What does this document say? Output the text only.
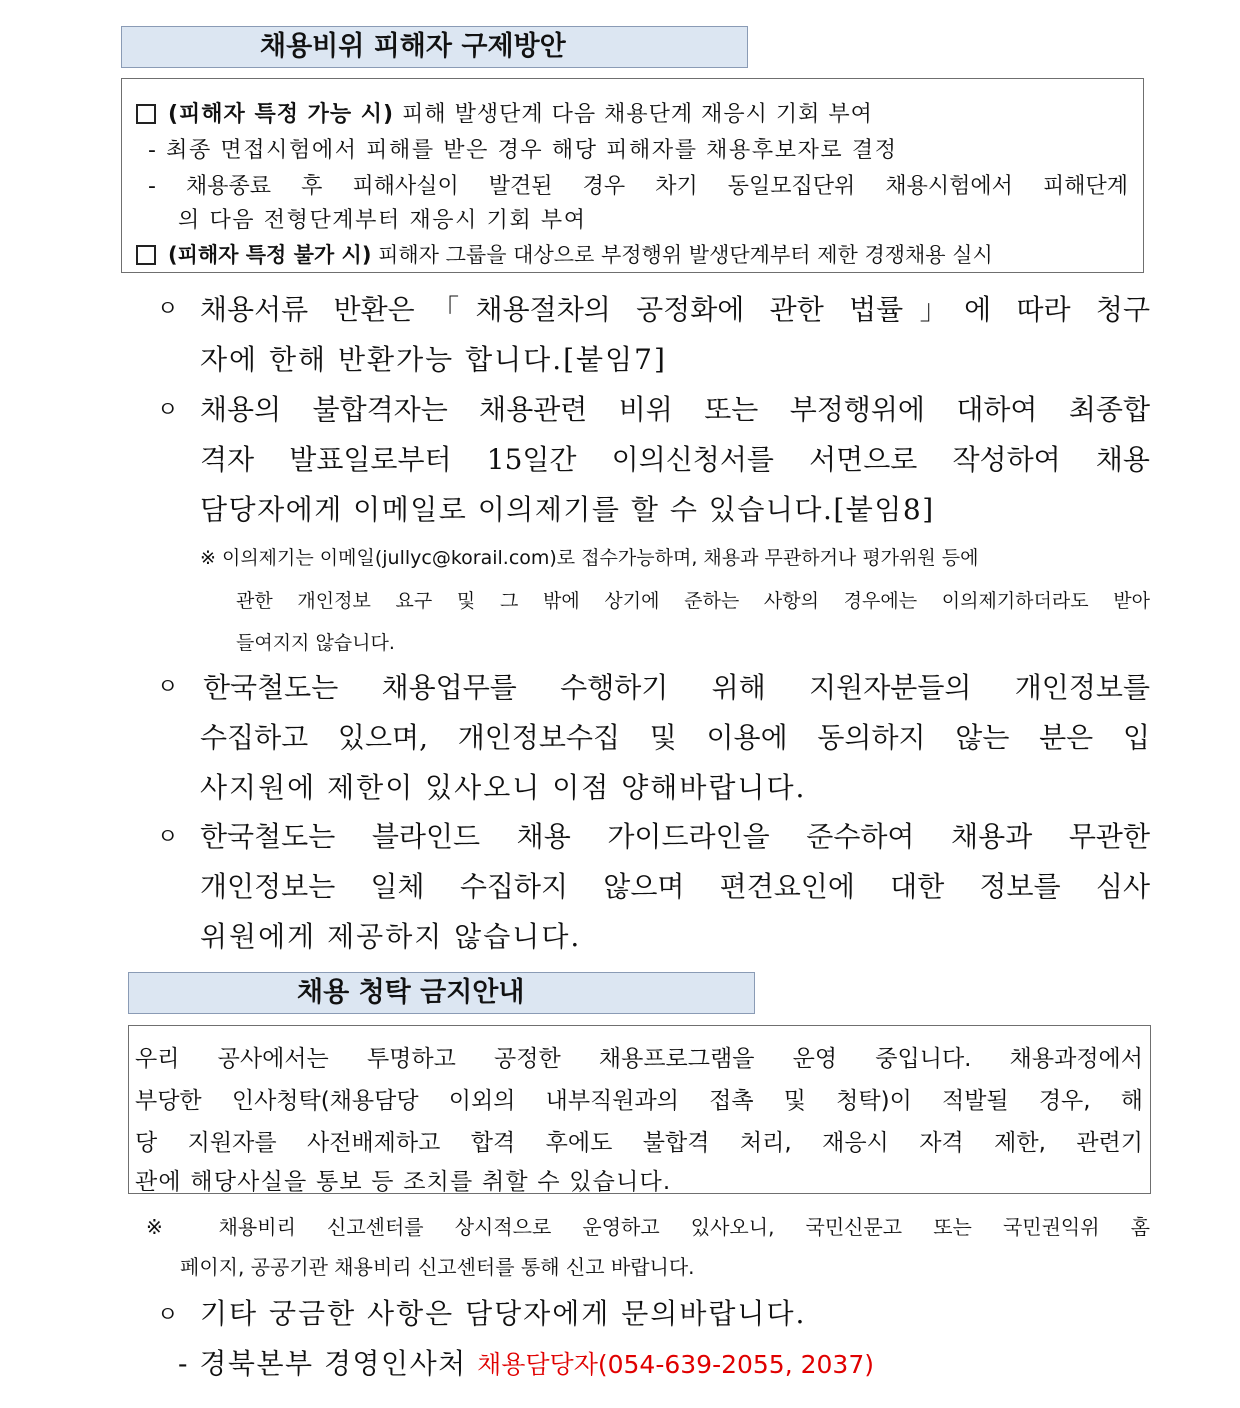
채용비위 피해자 구제방안
(피해자 특정 가능 시) 피해 발생단계 다음 채용단계 재응시 기회 부여
- 최종 면접시험에서 피해를 받은 경우 해당 피해자를 채용후보자로 결정
- 채용종료 후 피해사실이 발견된 경우 차기 동일모집단위 채용시험에서 피해단계
의 다음 전형단계부터 재응시 기회 부여
(피해자 특정 불가 시) 피해자 그룹을 대상으로 부정행위 발생단계부터 제한 경쟁채용 실시
ㅇ 채용서류 반환은「채용절차의 공정화에 관한 법률」에 따라 청구
자에 한해 반환가능 합니다.[붙임7]
ㅇ 채용의 불합격자는 채용관련 비위 또는 부정행위에 대하여 최종합
격자 발표일로부터 15일간 이의신청서를 서면으로 작성하여 채용
담당자에게 이메일로 이의제기를 할 수 있습니다.[붙임8]
※ 이의제기는 이메일(jullyc@korail.com)로 접수가능하며, 채용과 무관하거나 평가위원 등에
관한 개인정보 요구 및 그 밖에 상기에 준하는 사항의 경우에는 이의제기하더라도 받아
들여지지 않습니다.
ㅇ 한국철도는 채용업무를 수행하기 위해 지원자분들의 개인정보를
수집하고 있으며, 개인정보수집 및 이용에 동의하지 않는 분은 입
사지원에 제한이 있사오니 이점 양해바랍니다.
ㅇ 한국철도는 블라인드 채용 가이드라인을 준수하여 채용과 무관한
개인정보는 일체 수집하지 않으며 편견요인에 대한 정보를 심사
위원에게 제공하지 않습니다.
채용 청탁 금지안내
우리 공사에서는 투명하고 공정한 채용프로그램을 운영 중입니다. 채용과정에서
부당한 인사청탁(채용담당 이외의 내부직원과의 접촉 및 청탁)이 적발될 경우, 해
당 지원자를 사전배제하고 합격 후에도 불합격 처리, 재응시 자격 제한, 관련기
관에 해당사실을 통보 등 조치를 취할 수 있습니다.
※ 채용비리 신고센터를 상시적으로 운영하고 있사오니, 국민신문고 또는 국민권익위 홈
페이지, 공공기관 채용비리 신고센터를 통해 신고 바랍니다.
ㅇ 기타 궁금한 사항은 담당자에게 문의바랍니다.
- 경북본부 경영인사처 채용담당자(054-639-2055, 2037)
